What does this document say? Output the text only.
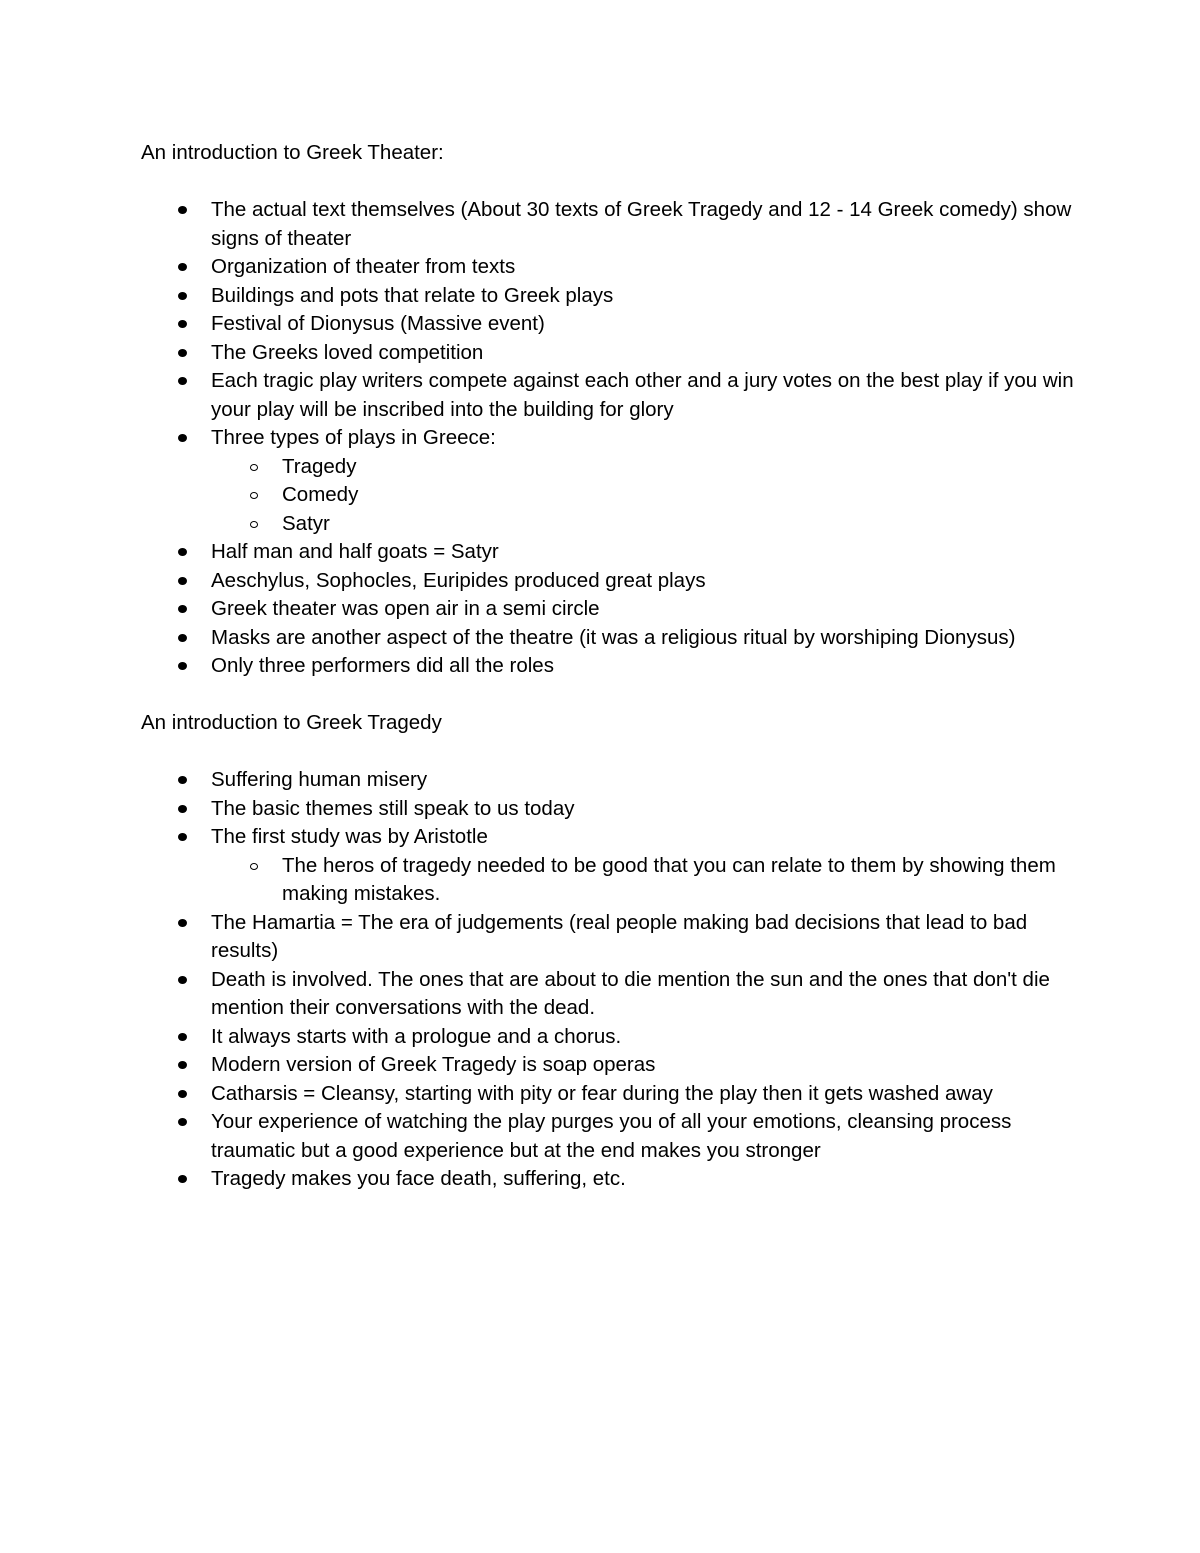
An introduction to Greek Theater:
The actual text themselves (About 30 texts of Greek Tragedy and 12 - 14 Greek comedy) show signs of theater
Organization of theater from texts
Buildings and pots that relate to Greek plays
Festival of Dionysus (Massive event)
The Greeks loved competition
Each tragic play writers compete against each other and a jury votes on the best play if you win your play will be inscribed into the building for glory
Three types of plays in Greece:
Tragedy
Comedy
Satyr
Half man and half goats = Satyr
Aeschylus, Sophocles, Euripides produced great plays
Greek theater was open air in a semi circle
Masks are another aspect of the theatre (it was a religious ritual by worshiping Dionysus)
Only three performers did all the roles
An introduction to Greek Tragedy
Suffering human misery
The basic themes still speak to us today
The first study was by Aristotle
The heros of tragedy needed to be good that you can relate to them by showing them making mistakes.
The Hamartia = The era of judgements (real people making bad decisions that lead to bad results)
Death is involved. The ones that are about to die mention the sun and the ones that don't die mention their conversations with the dead.
It always starts with a prologue and a chorus.
Modern version of Greek Tragedy is soap operas
Catharsis = Cleansy, starting with pity or fear during the play then it gets washed away
Your experience of watching the play purges you of all your emotions, cleansing process traumatic but a good experience but at the end makes you stronger
Tragedy makes you face death, suffering, etc.
